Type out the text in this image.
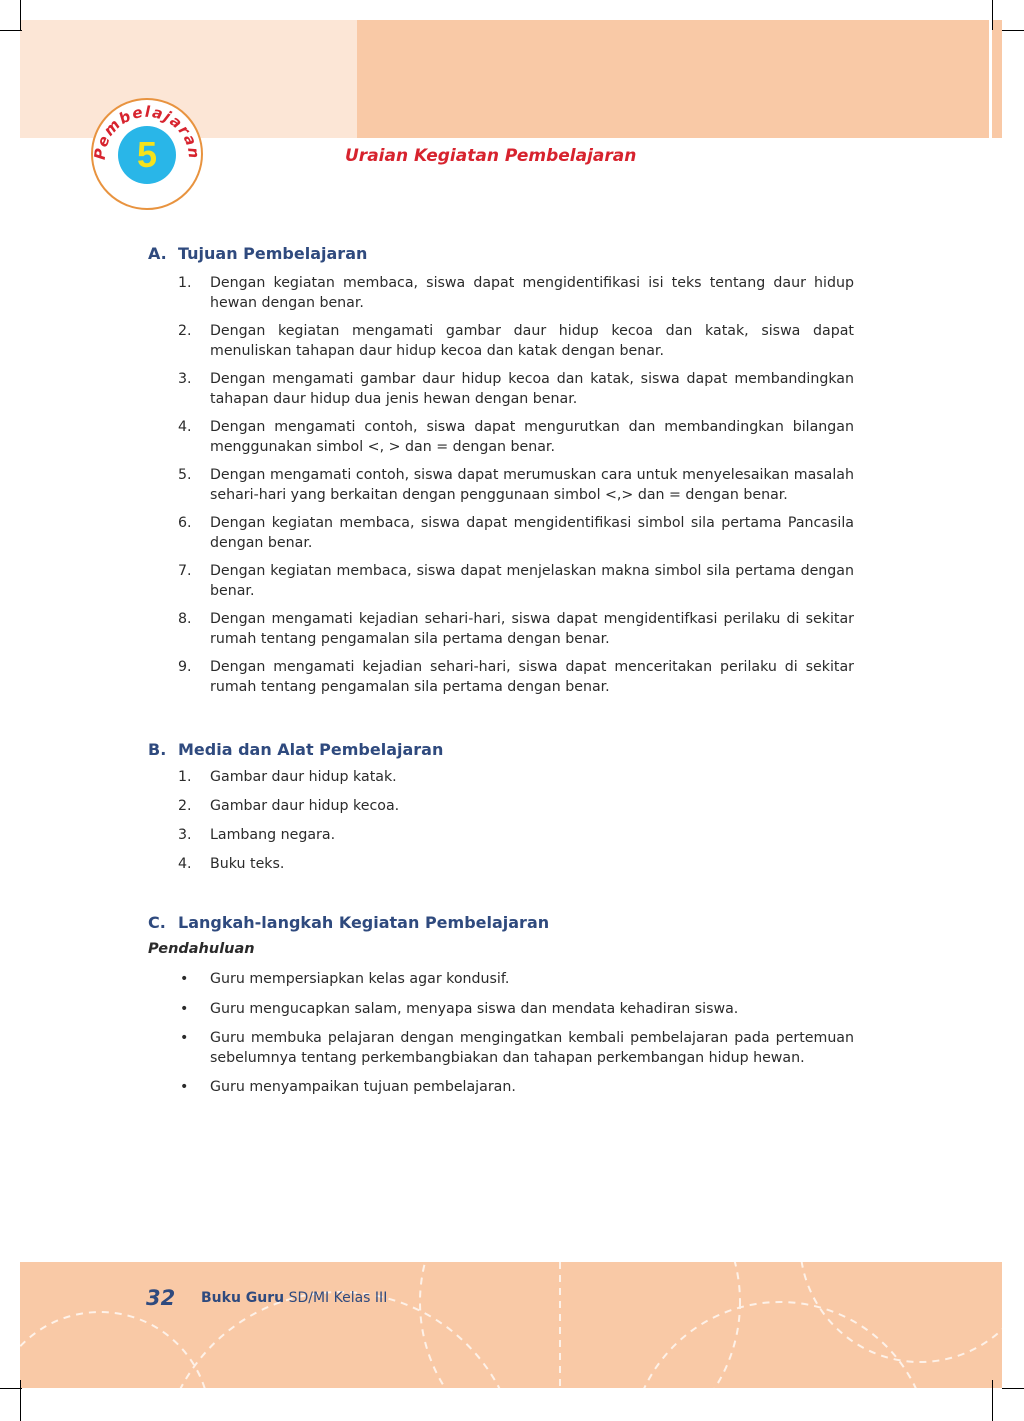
Pembelajaran
5	Uraian Kegiatan Pembelajaran
A. Tujuan Pembelajaran
1. Dengan kegiatan membaca, siswa dapat mengidentifikasi isi teks tentang daur hidup hewan dengan benar.
2. Dengan kegiatan mengamati gambar daur hidup kecoa dan katak, siswa dapat menuliskan tahapan daur hidup kecoa dan katak dengan benar.
3. Dengan mengamati gambar daur hidup kecoa dan katak, siswa dapat membandingkan tahapan daur hidup dua jenis hewan dengan benar.
4. Dengan mengamati contoh, siswa dapat mengurutkan dan membandingkan bilangan menggunakan simbol <, > dan = dengan benar.
5. Dengan mengamati contoh, siswa dapat merumuskan cara untuk menyelesaikan masalah sehari-hari yang berkaitan dengan penggunaan simbol <,> dan = dengan benar.
6. Dengan kegiatan membaca, siswa dapat mengidentifikasi simbol sila pertama Pancasila dengan benar.
7. Dengan kegiatan membaca, siswa dapat menjelaskan makna simbol sila pertama dengan benar.
8. Dengan mengamati kejadian sehari-hari, siswa dapat mengidentifkasi perilaku di sekitar rumah tentang pengamalan sila pertama dengan benar.
9. Dengan mengamati kejadian sehari-hari, siswa dapat menceritakan perilaku di sekitar rumah tentang pengamalan sila pertama dengan benar.
B. Media dan Alat Pembelajaran
1. Gambar daur hidup katak.
2. Gambar daur hidup kecoa.
3. Lambang negara.
4. Buku teks.
C. Langkah-langkah Kegiatan Pembelajaran
Pendahuluan
• Guru mempersiapkan kelas agar kondusif.
• Guru mengucapkan salam, menyapa siswa dan mendata kehadiran siswa.
• Guru membuka pelajaran dengan mengingatkan kembali pembelajaran pada pertemuan sebelumnya tentang perkembangbiakan dan tahapan perkembangan hidup hewan.
• Guru menyampaikan tujuan pembelajaran.
32 Buku Guru SD/MI Kelas III
